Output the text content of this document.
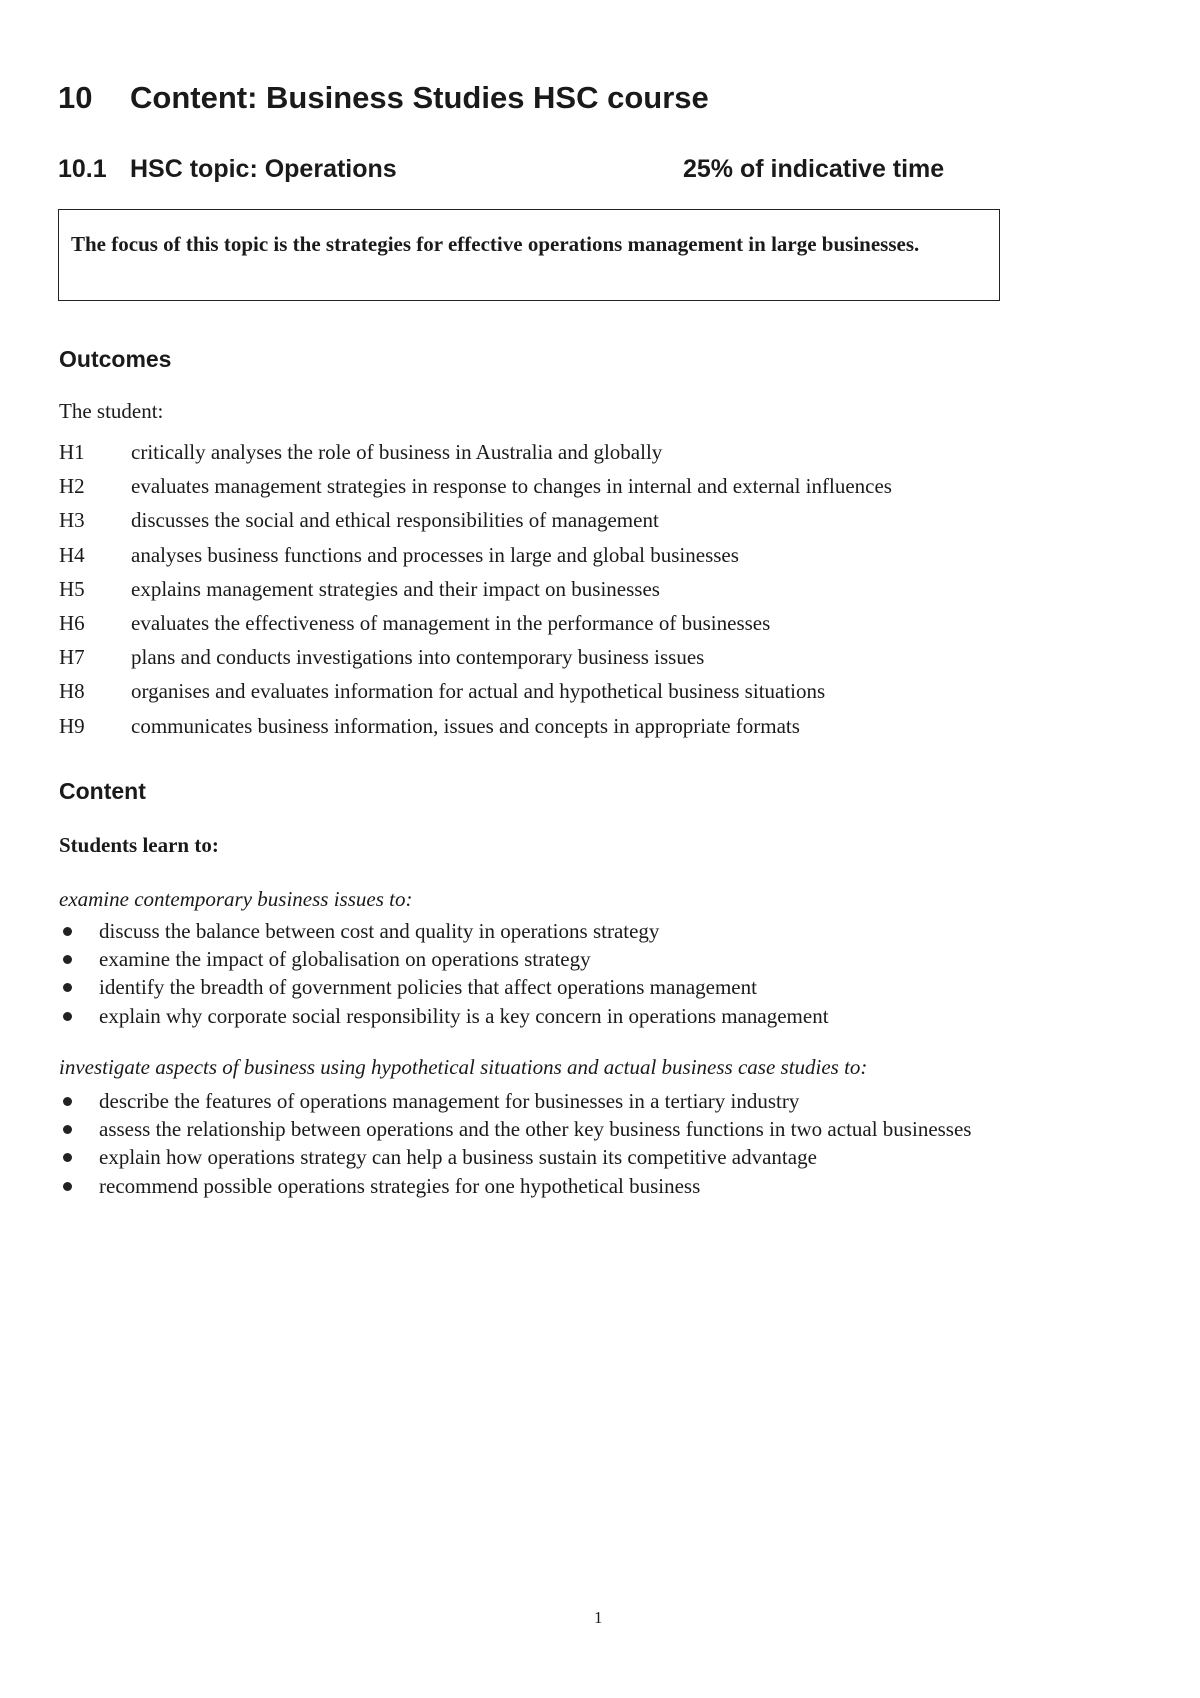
10 Content: Business Studies HSC course
10.1 HSC topic: Operations	25% of indicative time
The focus of this topic is the strategies for effective operations management in large businesses.
Outcomes
The student:
H1	critically analyses the role of business in Australia and globally
H2	evaluates management strategies in response to changes in internal and external influences
H3	discusses the social and ethical responsibilities of management
H4	analyses business functions and processes in large and global businesses
H5	explains management strategies and their impact on businesses
H6	evaluates the effectiveness of management in the performance of businesses
H7	plans and conducts investigations into contemporary business issues
H8	organises and evaluates information for actual and hypothetical business situations
H9	communicates business information, issues and concepts in appropriate formats
Content
Students learn to:
examine contemporary business issues to:
discuss the balance between cost and quality in operations strategy
examine the impact of globalisation on operations strategy
identify the breadth of government policies that affect operations management
explain why corporate social responsibility is a key concern in operations management
investigate aspects of business using hypothetical situations and actual business case studies to:
describe the features of operations management for businesses in a tertiary industry
assess the relationship between operations and the other key business functions in two actual businesses
explain how operations strategy can help a business sustain its competitive advantage
recommend possible operations strategies for one hypothetical business
1
